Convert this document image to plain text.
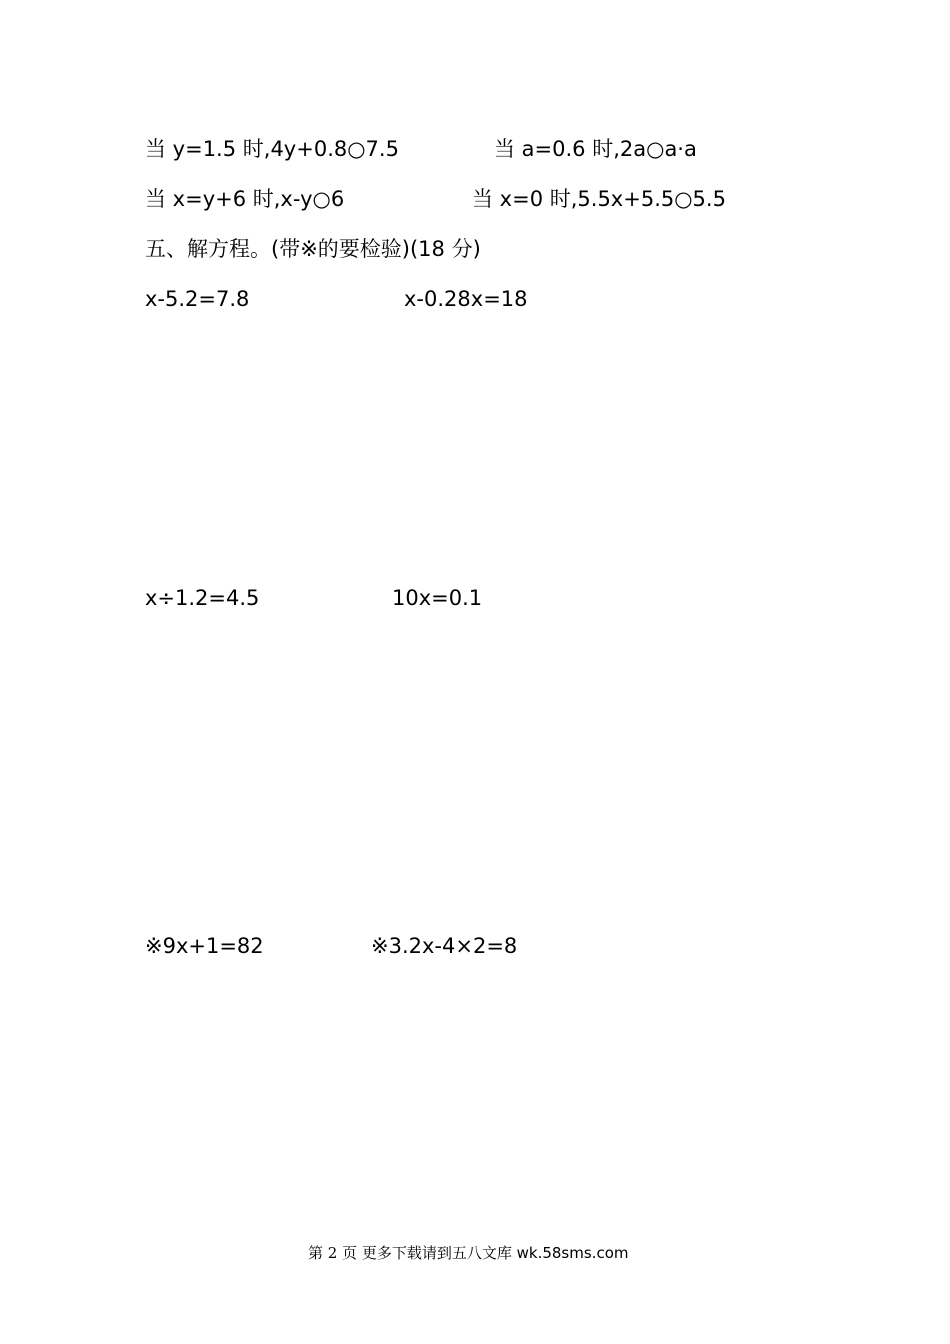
当 y=1.5 时,4y+0.8○7.5	当 a=0.6 时,2a○a·a
当 x=y+6 时,x-y○6	当 x=0 时,5.5x+5.5○5.5
五、解方程。(带※的要检验)(18 分)
x-5.2=7.8	x-0.28x=18
x÷1.2=4.5	10x=0.1
※9x+1=82	※3.2x-4×2=8
第 2 页 更多下载请到五八文库 wk.58sms.com
